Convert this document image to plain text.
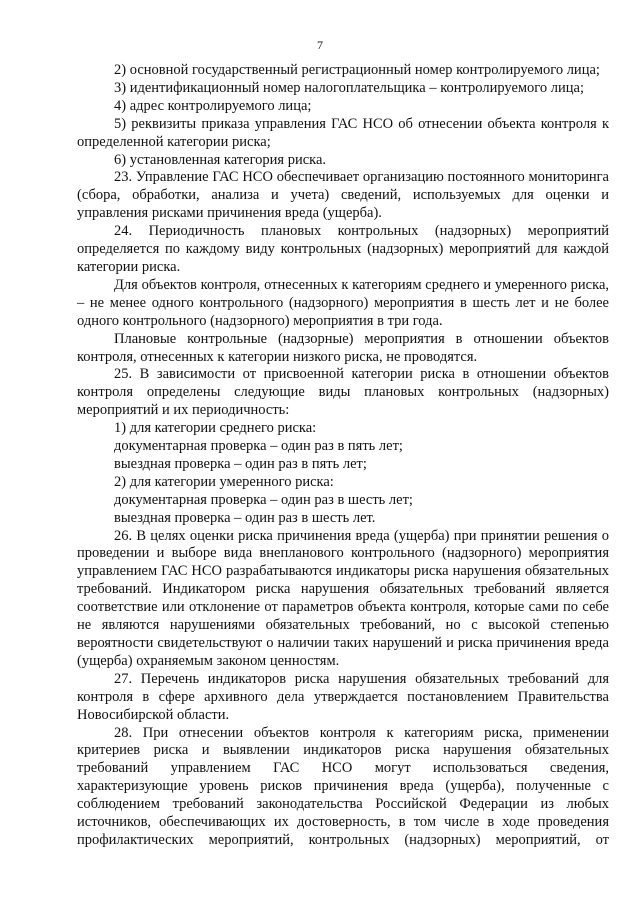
7

2) основной государственный регистрационный номер контролируемого лица;

3) идентификационный номер налогоплательщика – контролируемого лица;

4) адрес контролируемого лица;

5) реквизиты приказа управления ГАС НСО об отнесении объекта контроля к определенной категории риска;

6) установленная категория риска.

23. Управление ГАС НСО обеспечивает организацию постоянного мониторинга (сбора, обработки, анализа и учета) сведений, используемых для оценки и управления рисками причинения вреда (ущерба).

24. Периодичность плановых контрольных (надзорных) мероприятий определяется по каждому виду контрольных (надзорных) мероприятий для каждой категории риска.

Для объектов контроля, отнесенных к категориям среднего и умеренного риска, – не менее одного контрольного (надзорного) мероприятия в шесть лет и не более одного контрольного (надзорного) мероприятия в три года.

Плановые контрольные (надзорные) мероприятия в отношении объектов контроля, отнесенных к категории низкого риска, не проводятся.

25. В зависимости от присвоенной категории риска в отношении объектов контроля определены следующие виды плановых контрольных (надзорных) мероприятий и их периодичность:

1) для категории среднего риска:

документарная проверка – один раз в пять лет;

выездная проверка – один раз в пять лет;

2) для категории умеренного риска:

документарная проверка – один раз в шесть лет;

выездная проверка – один раз в шесть лет.

26. В целях оценки риска причинения вреда (ущерба) при принятии решения о проведении и выборе вида внепланового контрольного (надзорного) мероприятия управлением ГАС НСО разрабатываются индикаторы риска нарушения обязательных требований. Индикатором риска нарушения обязательных требований является соответствие или отклонение от параметров объекта контроля, которые сами по себе не являются нарушениями обязательных требований, но с высокой степенью вероятности свидетельствуют о наличии таких нарушений и риска причинения вреда (ущерба) охраняемым законом ценностям.

27. Перечень индикаторов риска нарушения обязательных требований для контроля в сфере архивного дела утверждается постановлением Правительства Новосибирской области.

28. При отнесении объектов контроля к категориям риска, применении критериев риска и выявлении индикаторов риска нарушения обязательных требований управлением ГАС НСО могут использоваться сведения, характеризующие уровень рисков причинения вреда (ущерба), полученные с соблюдением требований законодательства Российской Федерации из любых источников, обеспечивающих их достоверность, в том числе в ходе проведения профилактических мероприятий, контрольных (надзорных) мероприятий, от
